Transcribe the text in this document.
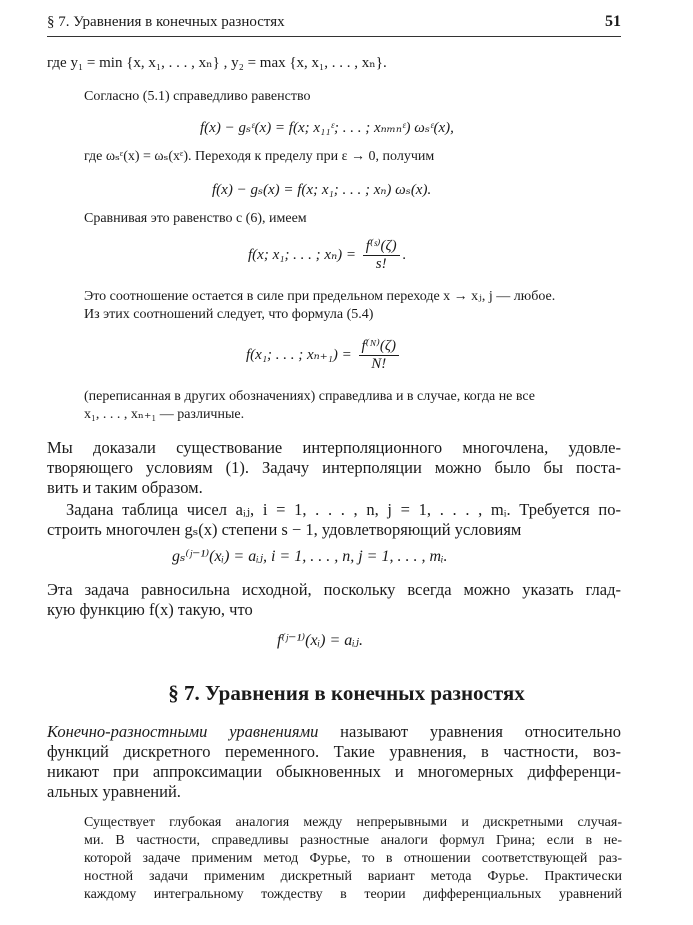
§ 7. Уравнения в конечных разностях	51
где y₁ = min {x, x₁, . . . , xₙ} , y₂ = max {x, x₁, . . . , xₙ}.
Согласно (5.1) справедливо равенство
f(x) − gₛᵋ(x) = f(x; x₁₁ᵋ; . . . ; xₙₘₙᵋ) ωₛᵋ(x),
где ωₛᵋ(x) = ωₛ(xᵋ). Переходя к пределу при ε → 0, получим
f(x) − gₛ(x) = f(x; x₁; . . . ; xₙ) ωₛ(x).
Сравнивая это равенство с (6), имеем
f(x; x₁; . . . ; $x_n) = \frac{\text{f⁽ˢ⁾(ζ)}}{s!}$ .
Это соотношение остается в силе при предельном переходе x → xⱼ, j — любое.
Из этих соотношений следует, что формула (5.4)
f(x₁; . . . ; $x_{n+1}) = \frac{\text{f⁽ᴺ⁾(ζ)}}{N!}$
(переписанная в других обозначениях) справедлива и в случае, когда не все
x₁, . . . , xₙ₊₁ — различные.
Мы доказали существование интерполяционного многочлена, удовле-
творяющего условиям (1). Задачу интерполяции можно было бы поста-
вить и таким образом.
Задана таблица чисел aᵢⱼ, i = 1, . . . , n, j = 1, . . . , mᵢ. Требуется по-
строить многочлен gₛ(x) степени s − 1, удовлетворяющий условиям
gₛ⁽ʲ⁻¹⁾(xᵢ) = aᵢⱼ, i = 1, . . . , n, j = 1, . . . , mᵢ.
Эта задача равносильна исходной, поскольку всегда можно указать глад-
кую функцию f(x) такую, что
f⁽ʲ⁻¹⁾(xᵢ) = aᵢⱼ.
§ 7. Уравнения в конечных разностях
Конечно-разностными уравнениями называют уравнения относительно
функций дискретного переменного. Такие уравнения, в частности, воз-
никают при аппроксимации обыкновенных и многомерных дифференци-
альных уравнений.
Существует глубокая аналогия между непрерывными и дискретными случая-
ми. В частности, справедливы разностные аналоги формул Грина; если в не-
которой задаче применим метод Фурье, то в отношении соответствующей раз-
ностной задачи применим дискретный вариант метода Фурье. Практически
каждому интегральному тождеству в теории дифференциальных уравнений
